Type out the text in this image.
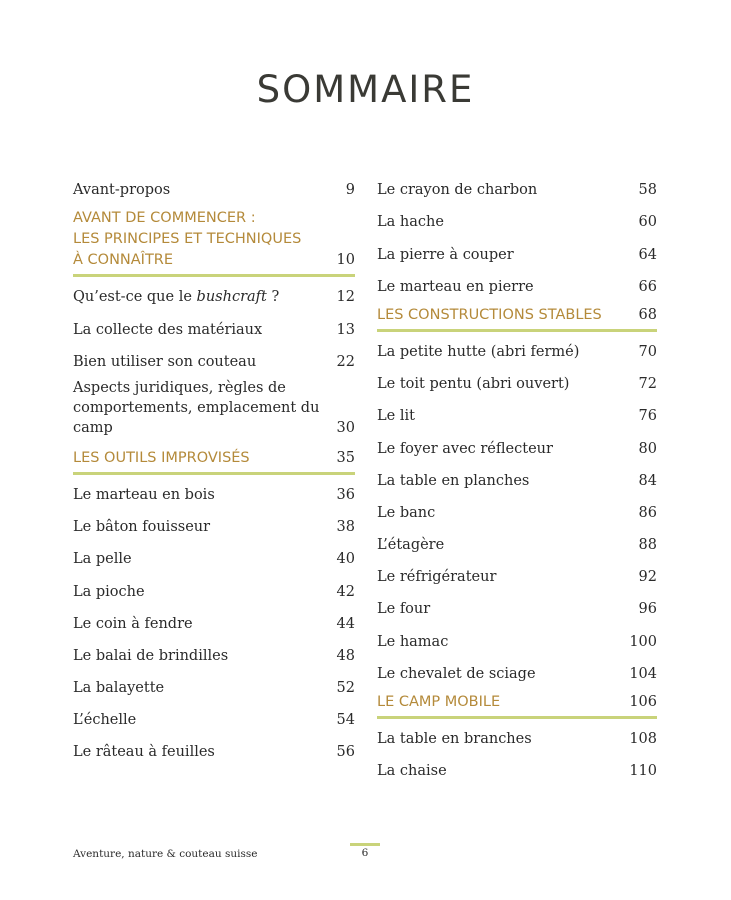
SOMMAIRE
Avant-propos	9
AVANT DE COMMENCER :
LES PRINCIPES ET TECHNIQUES
À CONNAÎTRE	10
Qu’est-ce que le bushcraft ?	12
La collecte des matériaux	13
Bien utiliser son couteau	22
Aspects juridiques, règles de comportements, emplacement du camp	30
LES OUTILS IMPROVISÉS	35
Le marteau en bois	36
Le bâton fouisseur	38
La pelle	40
La pioche	42
Le coin à fendre	44
Le balai de brindilles	48
La balayette	52
L’échelle	54
Le râteau à feuilles	56
Le crayon de charbon	58
La hache	60
La pierre à couper	64
Le marteau en pierre	66
LES CONSTRUCTIONS STABLES	68
La petite hutte (abri fermé)	70
Le toit pentu (abri ouvert)	72
Le lit	76
Le foyer avec réflecteur	80
La table en planches	84
Le banc	86
L’étagère	88
Le réfrigérateur	92
Le four	96
Le hamac	100
Le chevalet de sciage	104
LE CAMP MOBILE	106
La table en branches	108
La chaise	110
Aventure, nature & couteau suisse	6
